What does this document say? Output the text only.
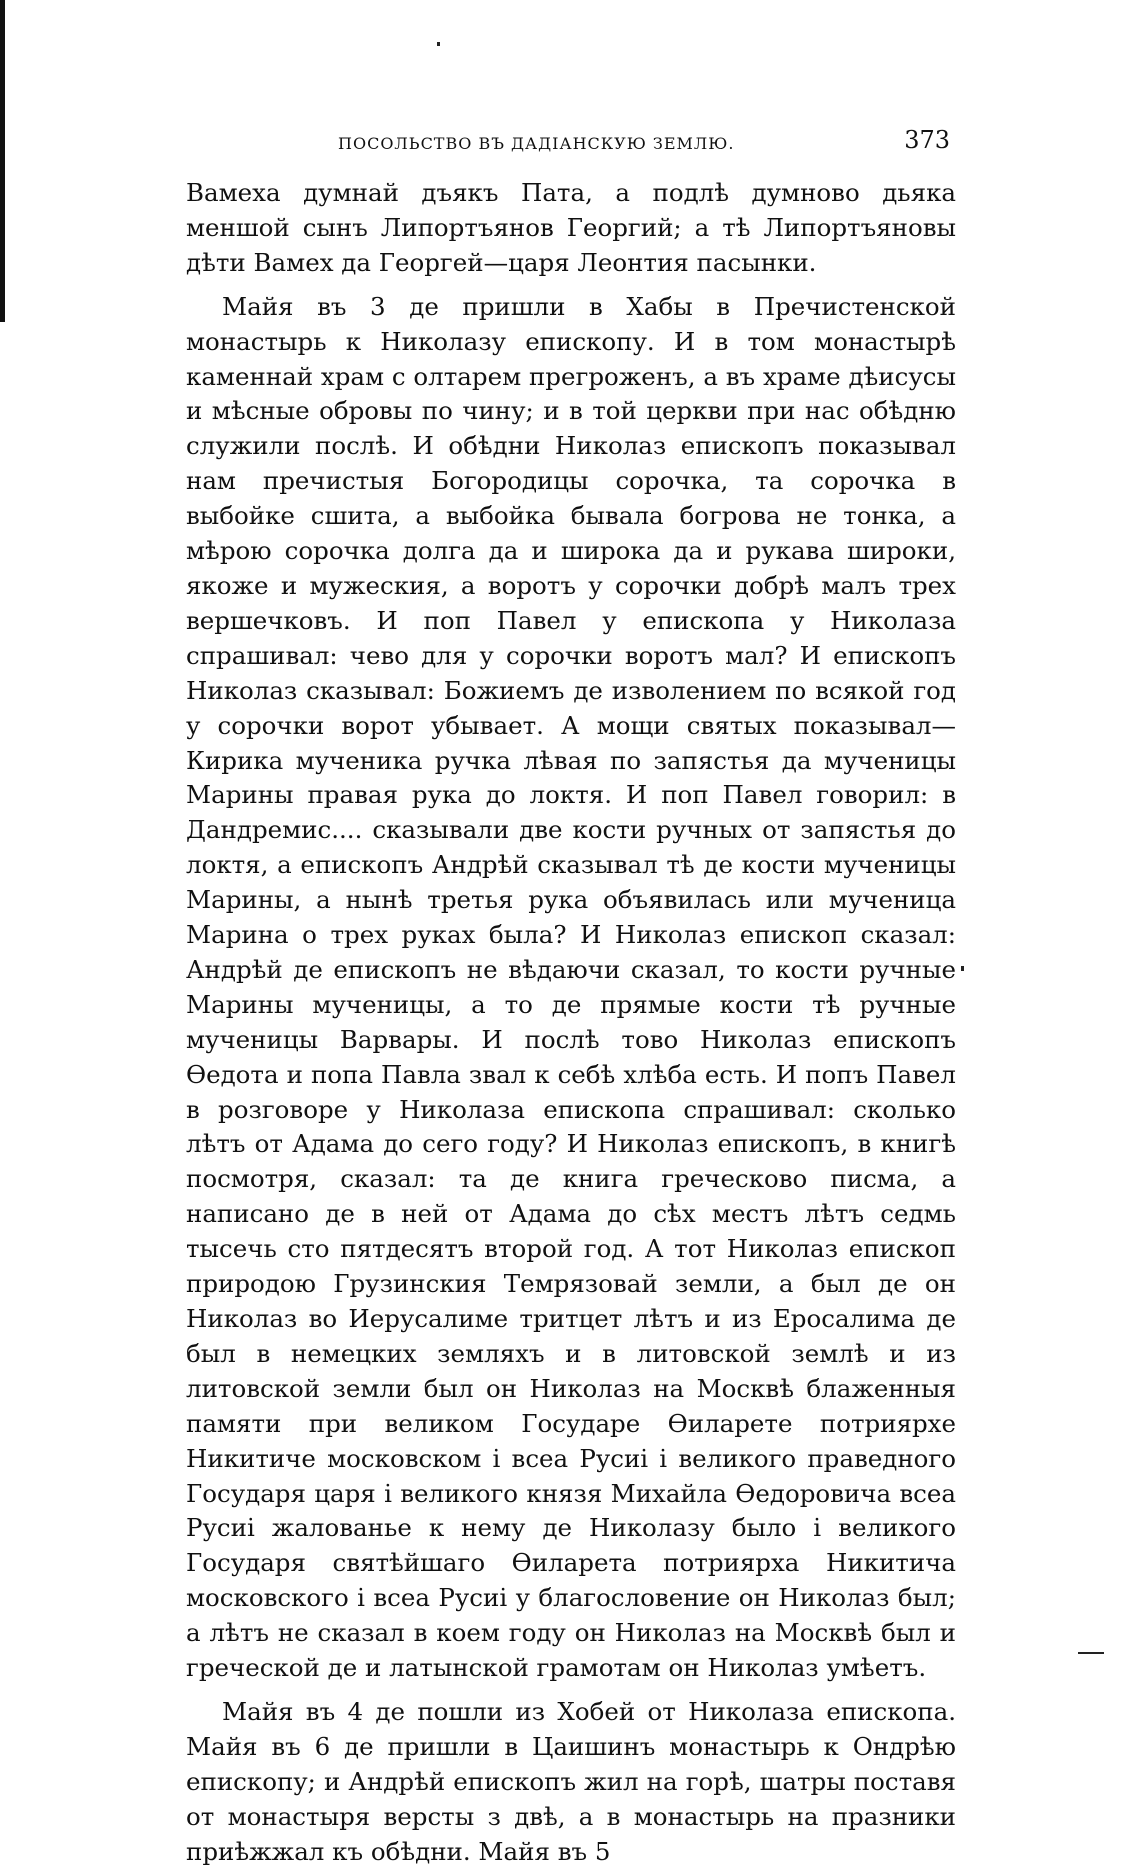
ПОСОЛЬСТВО ВЪ ДАДІАНСКУЮ ЗЕМЛЮ.	373

Вамеха думнай дъякъ Пата, а подлѣ думново дьяка меншой сынъ Липортъянов Георгий; а тѣ Липортъяновы дѣти Вамех да Георгей—царя Леонтия пасынки.

Майя въ 3 де пришли в Хабы в Пречистенской монастырь к Николазу епископу. И в том монастырѣ каменнай храм с олтарем прегроженъ, а въ храме дѣисусы и мѣсные обровы по чину; и в той церкви при нас обѣдню служили послѣ. И обѣдни Николаз епископъ показывал нам пречистыя Богородицы сорочка, та сорочка в выбойке сшита, а выбойка бывала богрова не тонка, а мѣрою сорочка долга да и широка да и рукава широки, якоже и мужеския, а воротъ у сорочки добрѣ малъ трех вершечковъ. И поп Павел у епископа у Николаза спрашивал: чево для у сорочки воротъ мал? И епископъ Николаз сказывал: Божиемъ де изволением по всякой год у сорочки ворот убывает. А мощи святых показывал—Кирика мученика ручка лѣвая по запястья да мученицы Марины правая рука до локтя. И поп Павел говорил: в Дандремис.... сказывали две кости ручных от запястья до локтя, а епископъ Андрѣй сказывал тѣ де кости мученицы Марины, а нынѣ третья рука объявилась или мученица Марина о трех руках была? И Николаз епископ сказал: Андрѣй де епископъ не вѣдаючи сказал, то кости ручные Марины мученицы, а то де прямые кости тѣ ручные мученицы Варвары. И послѣ тово Николаз епископъ Өедота и попа Павла звал к себѣ хлѣба есть. И попъ Павел в розговоре у Николаза епископа спрашивал: сколько лѣтъ от Адама до сего году? И Николаз епископъ, в книгѣ посмотря, сказал: та де книга греческово писма, а написано де в ней от Адама до сѣх местъ лѣтъ седмь тысечь сто пятдесятъ второй год. А тот Николаз епископ природою Грузинския Темрязовай земли, а был де он Николаз во Иерусалиме тритцет лѣтъ и из Еросалима де был в немецких земляхъ и в литовской землѣ и из литовской земли был он Николаз на Москвѣ блаженныя памяти при великом Государе Өиларете потриярхе Никитиче московском і всеа Русиі і великого праведного Государя царя і великого князя Михайла Өедоровича всеа Русиі жалованье к нему де Николазу было і великого Государя святѣйшаго Өиларета потриярха Никитича московского і всеа Русиі у благословение он Николаз был; а лѣтъ не сказал в коем году он Николаз на Москвѣ был и греческой де и латынской грамотам он Николаз умѣетъ.

Майя въ 4 де пошли из Хобей от Николаза епископа. Майя въ 6 де пришли в Цаишинъ монастырь к Ондрѣю епископу; и Андрѣй епископъ жил на горѣ, шатры поставя от монастыря версты з двѣ, а в монастырь на празники приѣжжал къ обѣдни. Майя въ 5
